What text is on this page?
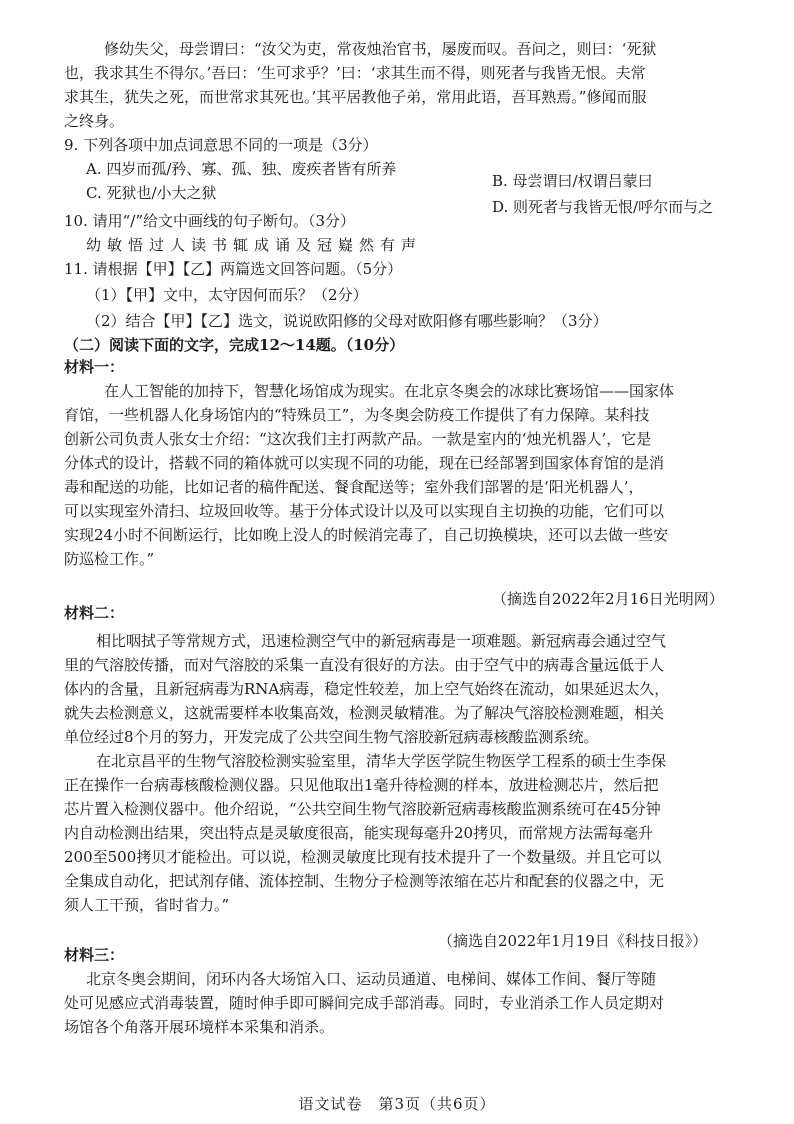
修幼失父，母尝谓曰：“汝父为吏，常夜烛治官书，屡废而叹。吾问之，则曰：‘死狱
也，我求其生不得尔。’吾曰：‘生可求乎？’曰：‘求其生而不得，则死者与我皆无恨。夫常
求其生，犹失之死，而世常求其死也。’其平居教他子弟，常用此语，吾耳熟焉。”修闻而服
之终身。
9. 下列各项中加点词意思不同的一项是（3分）
A. 四岁而孤/矜、寡、孤、独、废疾者皆有所养
B. 母尝谓曰/权谓吕蒙曰
C. 死狱也/小大之狱
D. 则死者与我皆无恨/呼尔而与之
10. 请用“/”给文中画线的句子断句。（3分）
幼敏悟过人读书辄成诵及冠嶷然有声
11. 请根据【甲】【乙】两篇选文回答问题。（5分）
（1）【甲】文中，太守因何而乐？（2分）
（2）结合【甲】【乙】选文，说说欧阳修的父母对欧阳修有哪些影响？（3分）
（二）阅读下面的文字，完成12～14题。（10分）
材料一：
在人工智能的加持下，智慧化场馆成为现实。在北京冬奥会的冰球比赛场馆——国家体
育馆，一些机器人化身场馆内的“特殊员工”，为冬奥会防疫工作提供了有力保障。某科技
创新公司负责人张女士介绍：“这次我们主打两款产品。一款是室内的‘烛光机器人’，它是
分体式的设计，搭载不同的箱体就可以实现不同的功能，现在已经部署到国家体育馆的是消
毒和配送的功能，比如记者的稿件配送、餐食配送等；室外我们部署的是‘阳光机器人’，
可以实现室外清扫、垃圾回收等。基于分体式设计以及可以实现自主切换的功能，它们可以
实现24小时不间断运行，比如晚上没人的时候消完毒了，自己切换模块，还可以去做一些安
防巡检工作。”
（摘选自2022年2月16日光明网）
材料二：
相比咽拭子等常规方式，迅速检测空气中的新冠病毒是一项难题。新冠病毒会通过空气
里的气溶胶传播，而对气溶胶的采集一直没有很好的方法。由于空气中的病毒含量远低于人
体内的含量，且新冠病毒为RNA病毒，稳定性较差，加上空气始终在流动，如果延迟太久，
就失去检测意义，这就需要样本收集高效，检测灵敏精准。为了解决气溶胶检测难题，相关
单位经过8个月的努力，开发完成了公共空间生物气溶胶新冠病毒核酸监测系统。
在北京昌平的生物气溶胶检测实验室里，清华大学医学院生物医学工程系的硕士生李保
正在操作一台病毒核酸检测仪器。只见他取出1毫升待检测的样本，放进检测芯片，然后把
芯片置入检测仪器中。他介绍说，“公共空间生物气溶胶新冠病毒核酸监测系统可在45分钟
内自动检测出结果，突出特点是灵敏度很高，能实现每毫升20拷贝，而常规方法需每毫升
200至500拷贝才能检出。可以说，检测灵敏度比现有技术提升了一个数量级。并且它可以
全集成自动化，把试剂存储、流体控制、生物分子检测等浓缩在芯片和配套的仪器之中，无
须人工干预，省时省力。”
（摘选自2022年1月19日《科技日报》）
材料三：
北京冬奥会期间，闭环内各大场馆入口、运动员通道、电梯间、媒体工作间、餐厅等随
处可见感应式消毒装置，随时伸手即可瞬间完成手部消毒。同时，专业消杀工作人员定期对
场馆各个角落开展环境样本采集和消杀。
语文试卷　第3页（共6页）
